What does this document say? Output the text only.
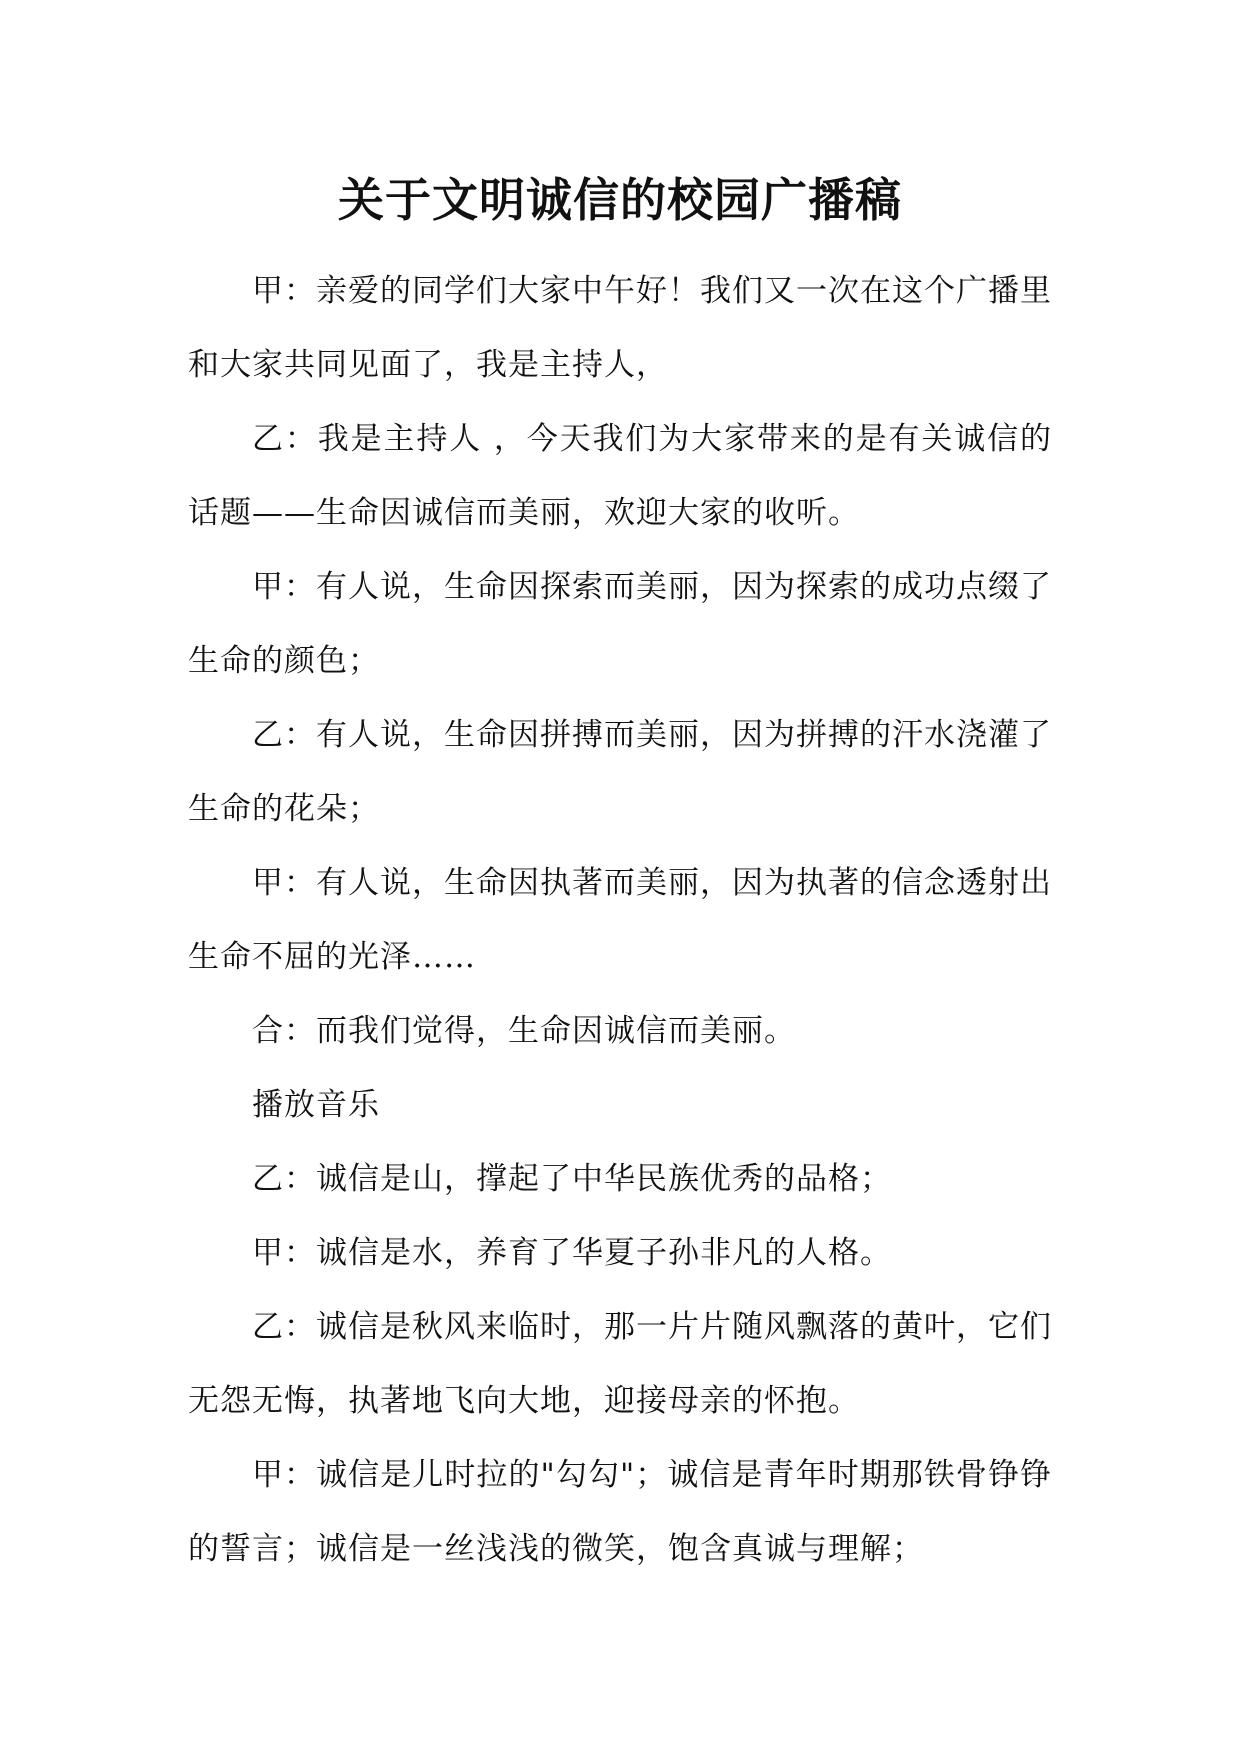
关于文明诚信的校园广播稿

甲：亲爱的同学们大家中午好！我们又一次在这个广播里和大家共同见面了，我是主持人，

乙：我是主持人 ，今天我们为大家带来的是有关诚信的话题——生命因诚信而美丽，欢迎大家的收听。

甲：有人说，生命因探索而美丽，因为探索的成功点缀了生命的颜色；

乙：有人说，生命因拼搏而美丽，因为拼搏的汗水浇灌了生命的花朵；

甲：有人说，生命因执著而美丽，因为执著的信念透射出生命不屈的光泽……

合：而我们觉得，生命因诚信而美丽。

播放音乐

乙：诚信是山，撑起了中华民族优秀的品格；

甲：诚信是水，养育了华夏子孙非凡的人格。

乙：诚信是秋风来临时，那一片片随风飘落的黄叶，它们无怨无悔，执著地飞向大地，迎接母亲的怀抱。

甲：诚信是儿时拉的"勾勾"；诚信是青年时期那铁骨铮铮的誓言；诚信是一丝浅浅的微笑，饱含真诚与理解；
